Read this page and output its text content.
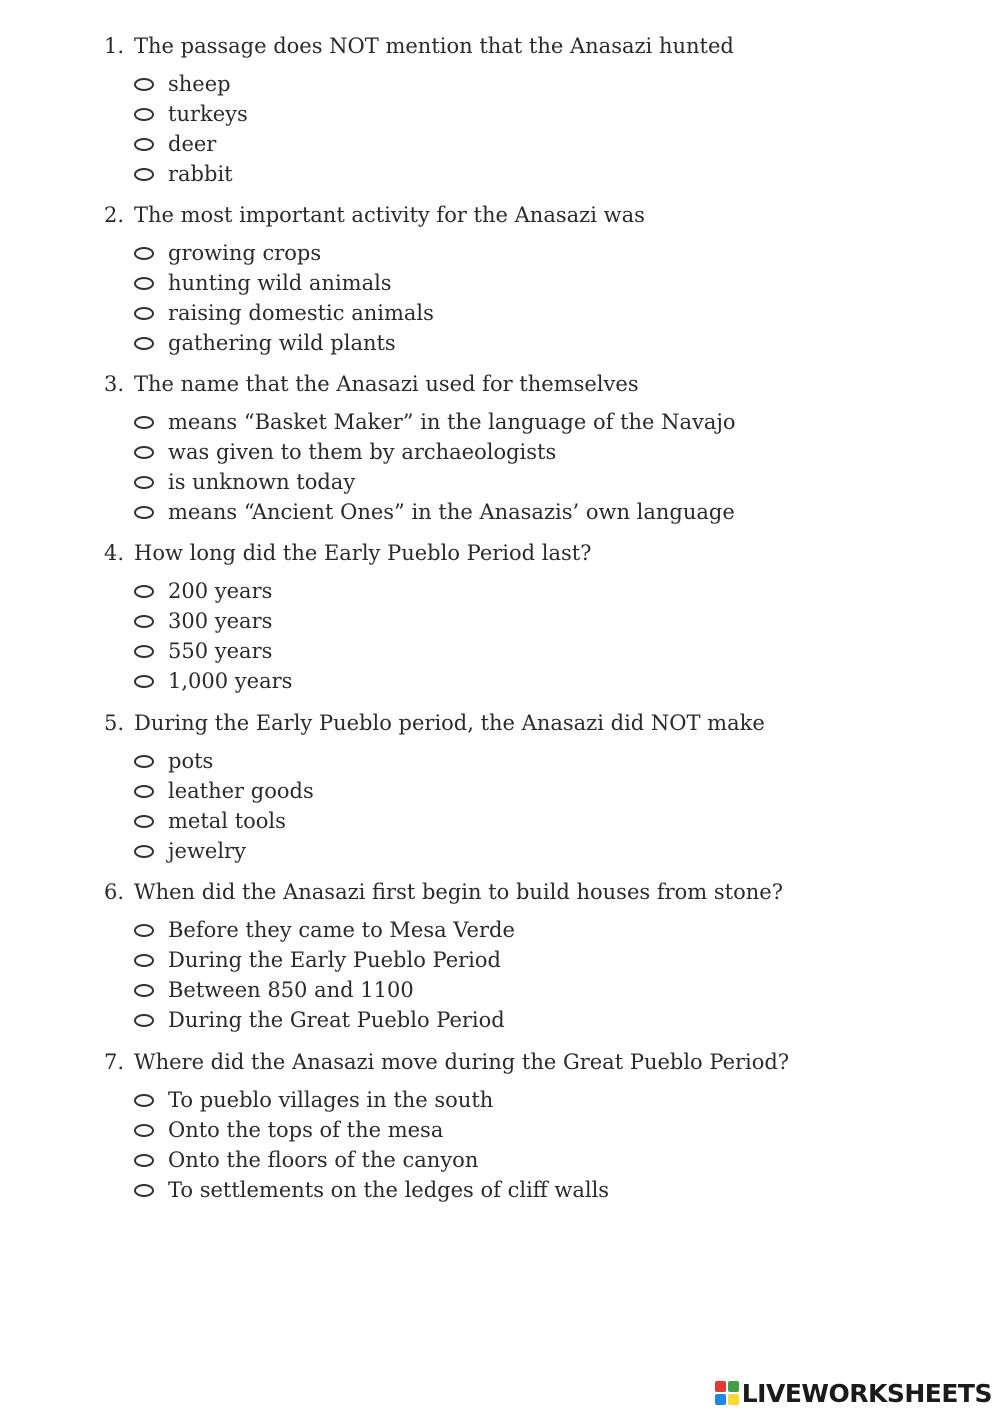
1. The passage does NOT mention that the Anasazi hunted
sheep
turkeys
deer
rabbit
2. The most important activity for the Anasazi was
growing crops
hunting wild animals
raising domestic animals
gathering wild plants
3. The name that the Anasazi used for themselves
means “Basket Maker” in the language of the Navajo
was given to them by archaeologists
is unknown today
means “Ancient Ones” in the Anasazis’ own language
4. How long did the Early Pueblo Period last?
200 years
300 years
550 years
1,000 years
5. During the Early Pueblo period, the Anasazi did NOT make
pots
leather goods
metal tools
jewelry
6. When did the Anasazi first begin to build houses from stone?
Before they came to Mesa Verde
During the Early Pueblo Period
Between 850 and 1100
During the Great Pueblo Period
7. Where did the Anasazi move during the Great Pueblo Period?
To pueblo villages in the south
Onto the tops of the mesa
Onto the floors of the canyon
To settlements on the ledges of cliff walls
LIVEWORKSHEETS
